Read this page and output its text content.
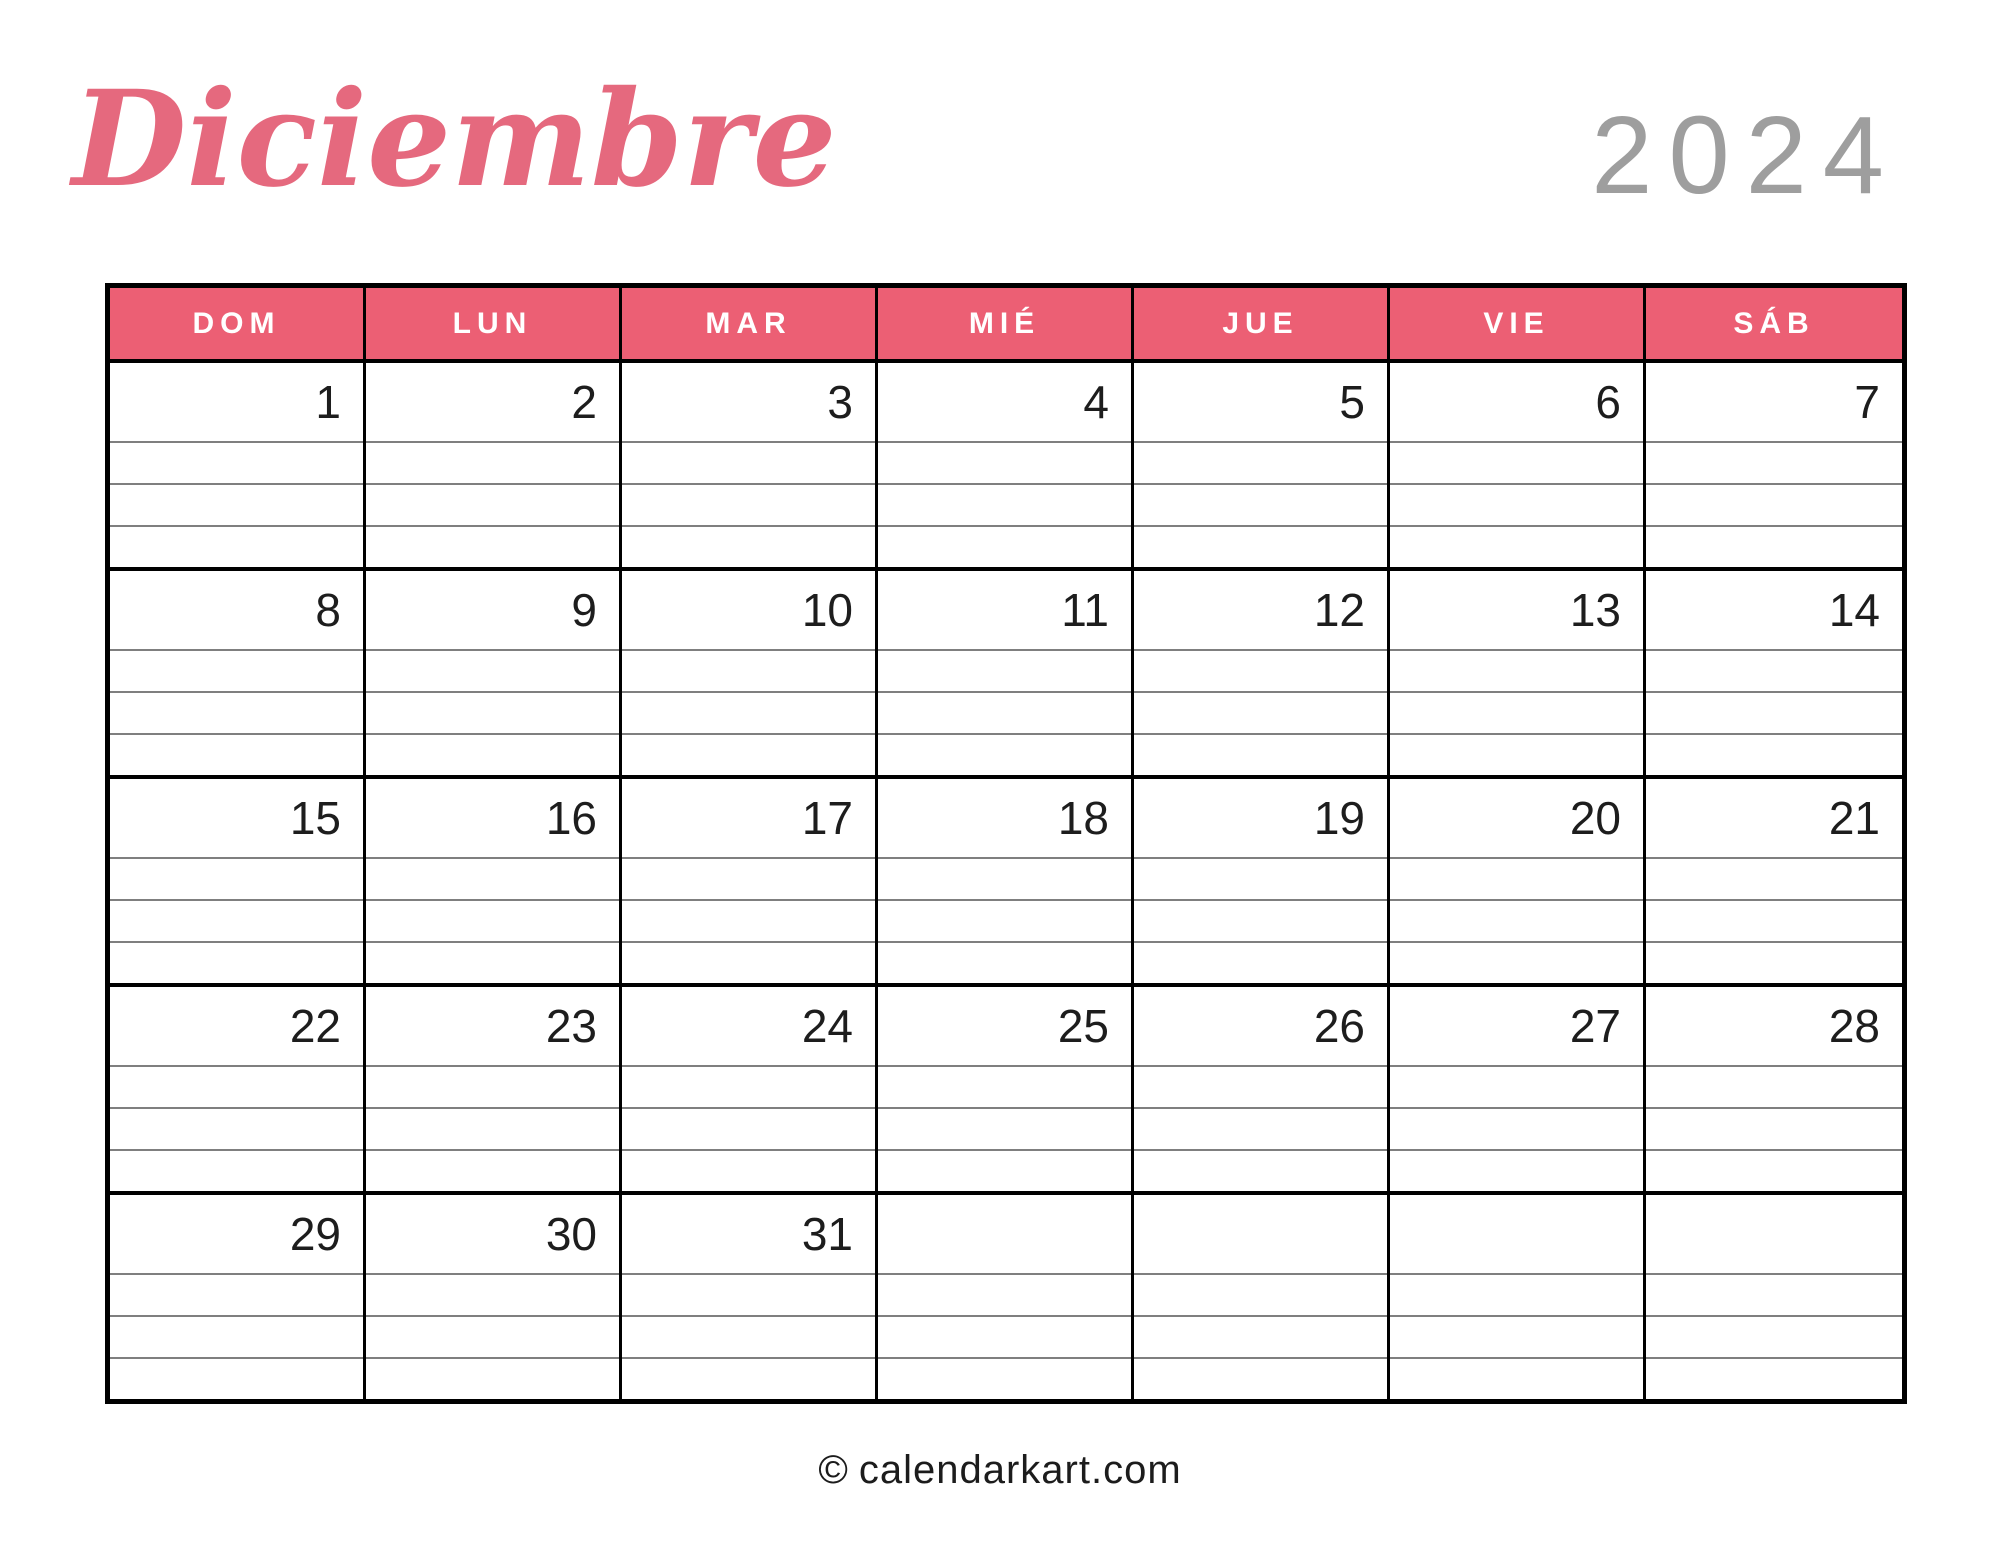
Diciembre	2024
DOM	LUN	MAR	MIÉ	JUE	VIE	SÁB
1	2	3	4	5	6	7
8	9	10	11	12	13	14
15	16	17	18	19	20	21
22	23	24	25	26	27	28
29	30	31
© calendarkart.com
